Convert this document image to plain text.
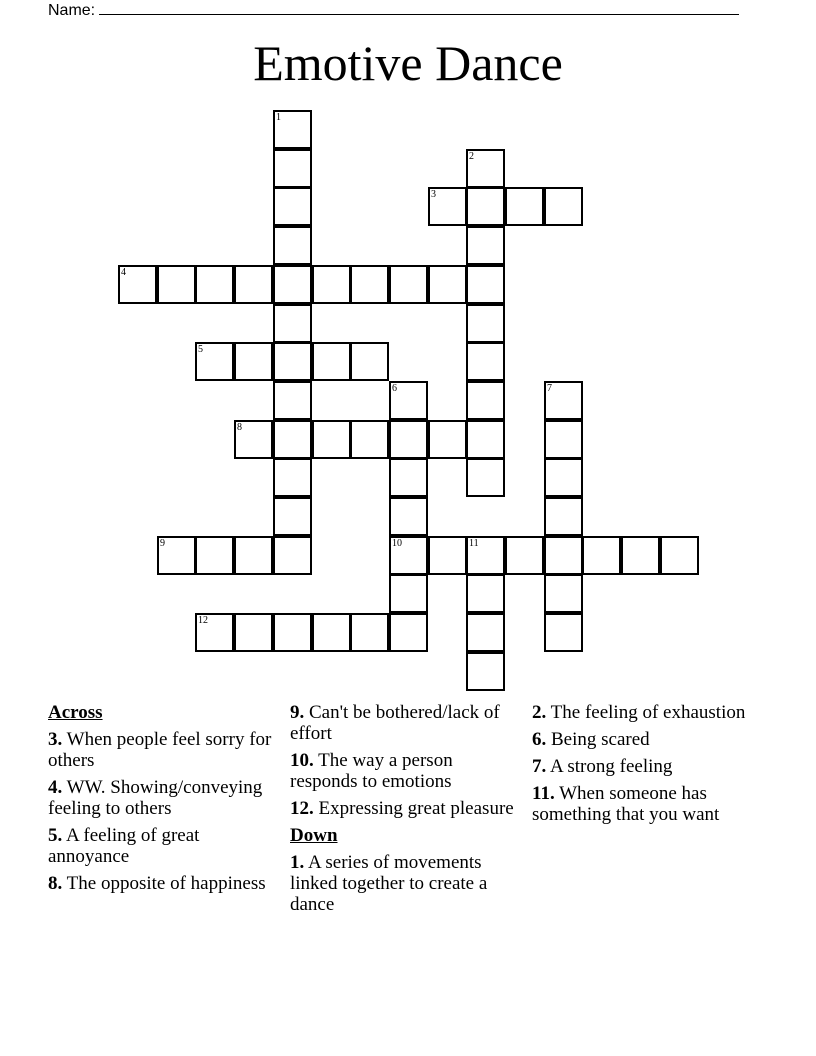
Name:
Emotive Dance
1
2
3
4
5
6	7
8
9	10	11
12
Across
3. When people feel sorry for others
4. WW. Showing/conveying feeling to others
5. A feeling of great annoyance
8. The opposite of happiness
9. Can't be bothered/lack of effort
10. The way a person responds to emotions
12. Expressing great pleasure
Down
1. A series of movements linked together to create a dance
2. The feeling of exhaustion
6. Being scared
7. A strong feeling
11. When someone has something that you want
